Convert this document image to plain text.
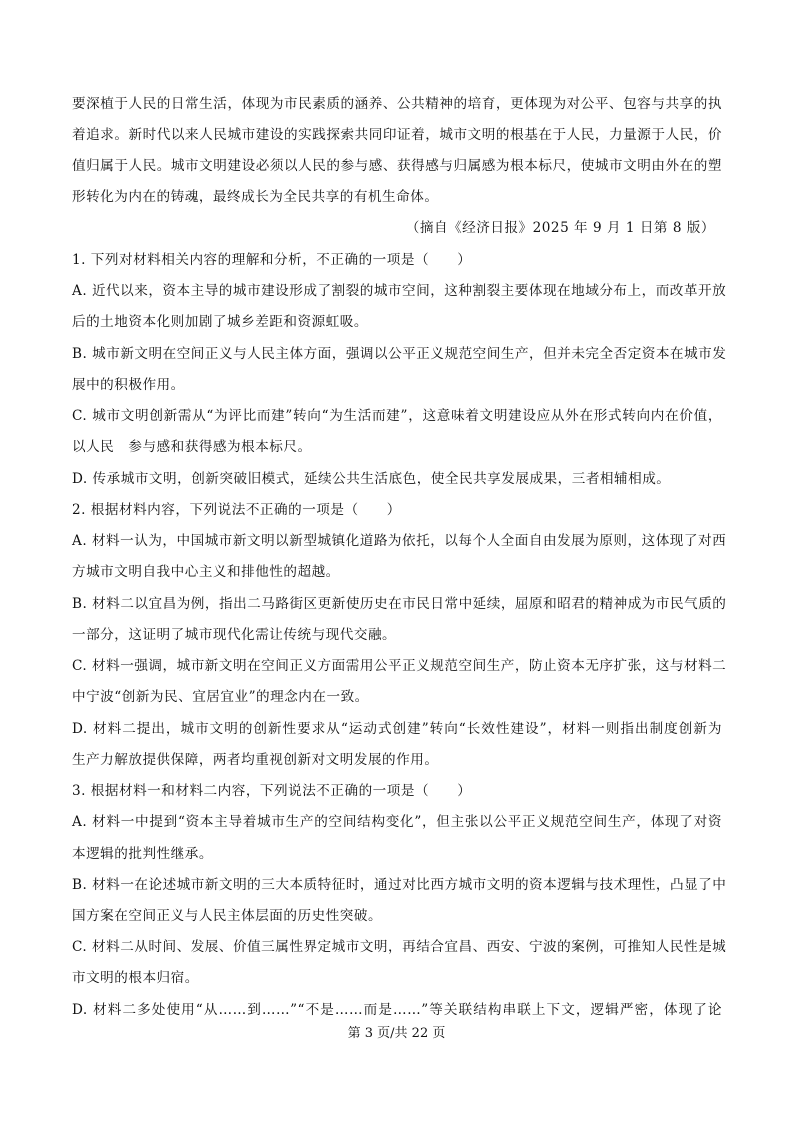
要深植于人民的日常生活，体现为市民素质的涵养、公共精神的培育，更体现为对公平、包容与共享的执
着追求。新时代以来人民城市建设的实践探索共同印证着，城市文明的根基在于人民，力量源于人民，价
值归属于人民。城市文明建设必须以人民的参与感、获得感与归属感为根本标尺，使城市文明由外在的塑
形转化为内在的铸魂，最终成长为全民共享的有机生命体。
（摘自《经济日报》2025 年 9 月 1 日第 8 版）
1. 下列对材料相关内容的理解和分析，不正确的一项是（　　）
A. 近代以来，资本主导的城市建设形成了割裂的城市空间，这种割裂主要体现在地域分布上，而改革开放
后的土地资本化则加剧了城乡差距和资源虹吸。
B. 城市新文明在空间正义与人民主体方面，强调以公平正义规范空间生产，但并未完全否定资本在城市发
展中的积极作用。
C. 城市文明创新需从“为评比而建”转向“为生活而建”，这意味着文明建设应从外在形式转向内在价值，
以人民　参与感和获得感为根本标尺。
D. 传承城市文明，创新突破旧模式，延续公共生活底色，使全民共享发展成果，三者相辅相成。
2. 根据材料内容，下列说法不正确的一项是（　　）
A. 材料一认为，中国城市新文明以新型城镇化道路为依托，以每个人全面自由发展为原则，这体现了对西
方城市文明自我中心主义和排他性的超越。
B. 材料二以宜昌为例，指出二马路街区更新使历史在市民日常中延续，屈原和昭君的精神成为市民气质的
一部分，这证明了城市现代化需让传统与现代交融。
C. 材料一强调，城市新文明在空间正义方面需用公平正义规范空间生产，防止资本无序扩张，这与材料二
中宁波“创新为民、宜居宜业”的理念内在一致。
D. 材料二提出，城市文明的创新性要求从“运动式创建”转向“长效性建设”，材料一则指出制度创新为
生产力解放提供保障，两者均重视创新对文明发展的作用。
3. 根据材料一和材料二内容，下列说法不正确的一项是（　　）
A. 材料一中提到“资本主导着城市生产的空间结构变化”，但主张以公平正义规范空间生产，体现了对资
本逻辑的批判性继承。
B. 材料一在论述城市新文明的三大本质特征时，通过对比西方城市文明的资本逻辑与技术理性，凸显了中
国方案在空间正义与人民主体层面的历史性突破。
C. 材料二从时间、发展、价值三属性界定城市文明，再结合宜昌、西安、宁波的案例，可推知人民性是城
市文明的根本归宿。
D. 材料二多处使用“从……到……”“不是……而是……”等关联结构串联上下文，逻辑严密，体现了论
第 3 页/共 22 页
